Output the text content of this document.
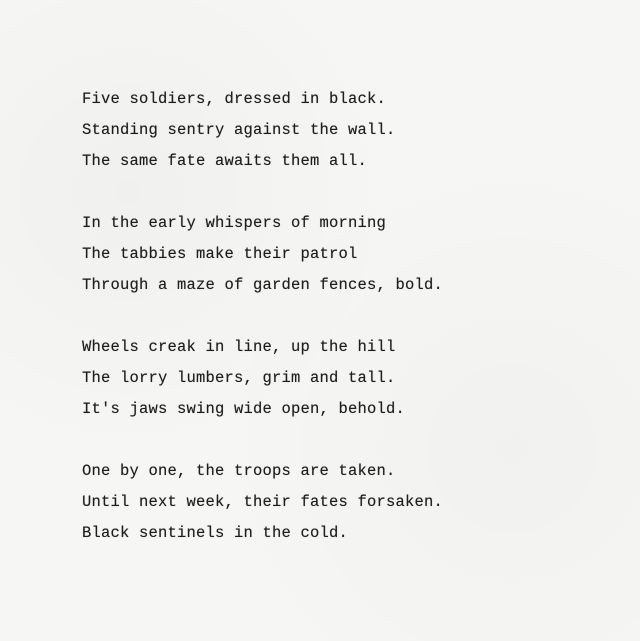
Five soldiers, dressed in black.
Standing sentry against the wall.
The same fate awaits them all.
In the early whispers of morning
The tabbies make their patrol
Through a maze of garden fences, bold.
Wheels creak in line, up the hill
The lorry lumbers, grim and tall.
It's jaws swing wide open, behold.
One by one, the troops are taken.
Until next week, their fates forsaken.
Black sentinels in the cold.
